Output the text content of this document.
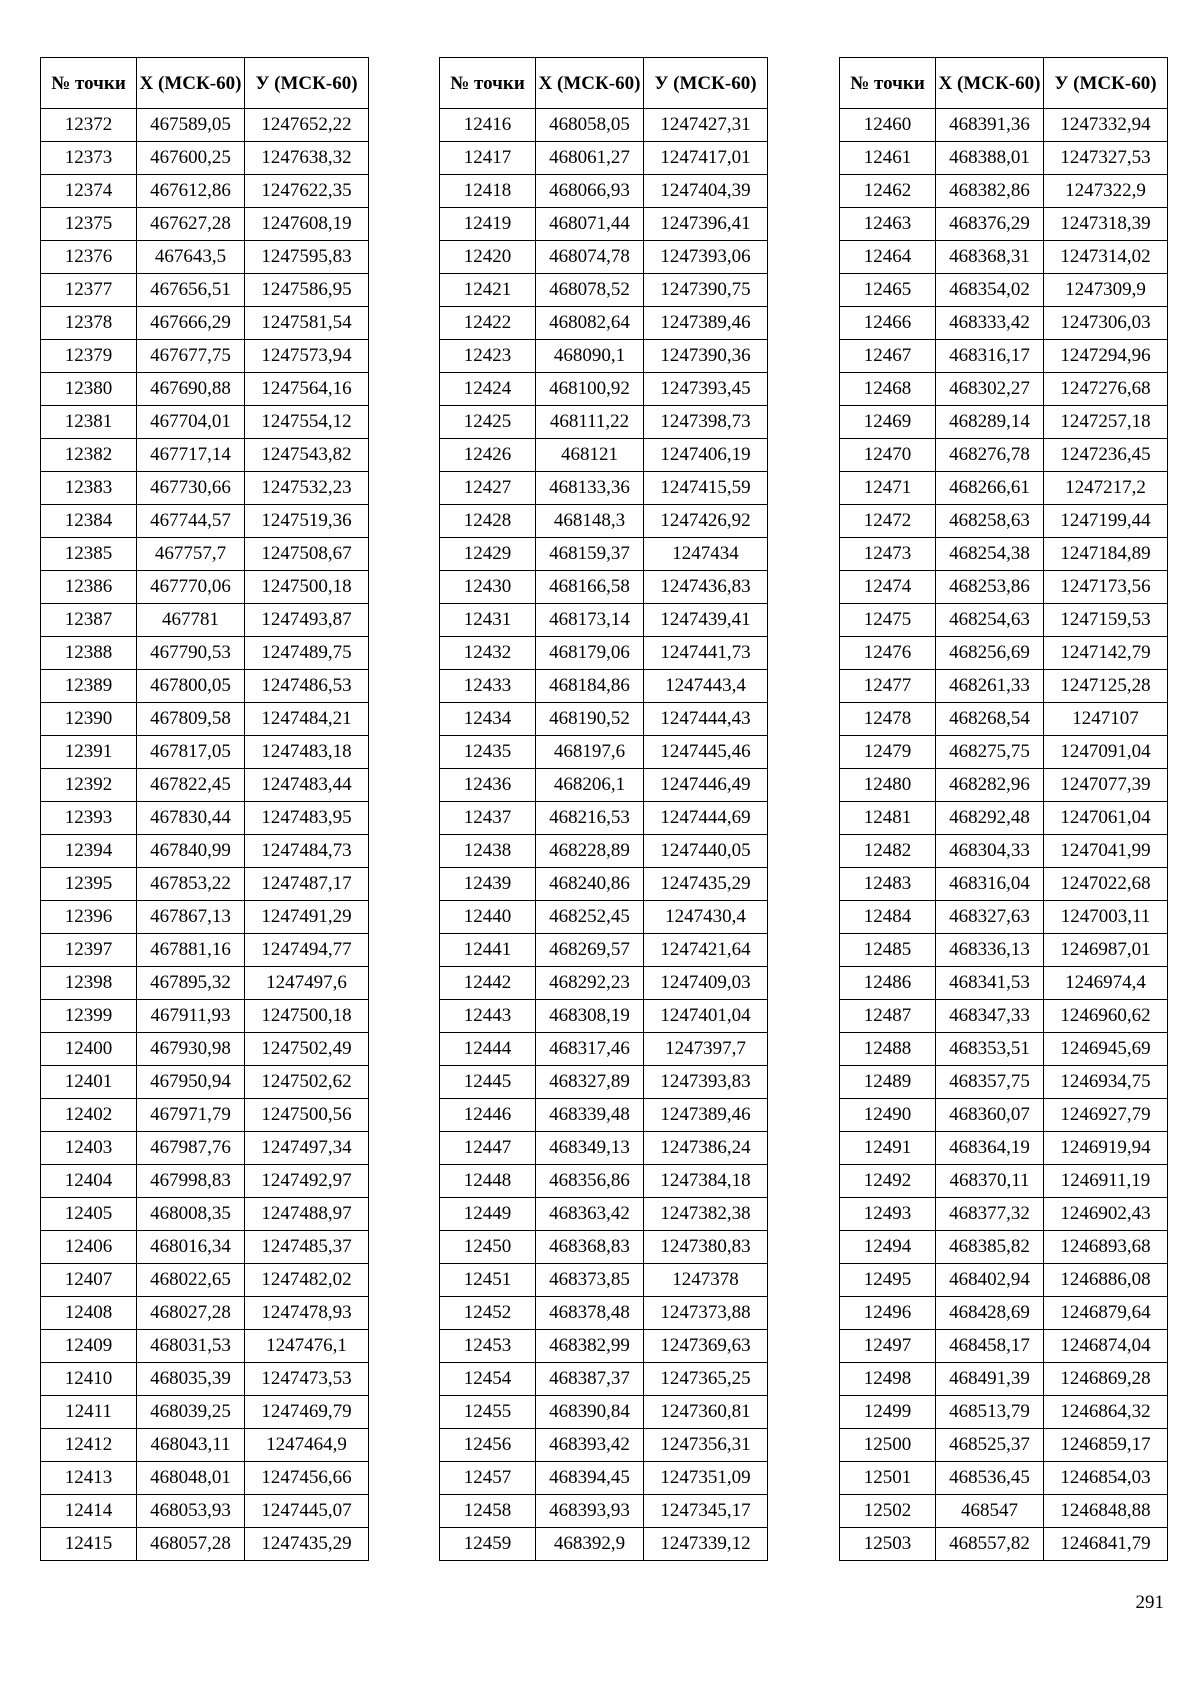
№ точки	Х (МСК-60)	У (МСК-60)
12372	467589,05	1247652,22
12373	467600,25	1247638,32
12374	467612,86	1247622,35
12375	467627,28	1247608,19
12376	467643,5	1247595,83
12377	467656,51	1247586,95
12378	467666,29	1247581,54
12379	467677,75	1247573,94
12380	467690,88	1247564,16
12381	467704,01	1247554,12
12382	467717,14	1247543,82
12383	467730,66	1247532,23
12384	467744,57	1247519,36
12385	467757,7	1247508,67
12386	467770,06	1247500,18
12387	467781	1247493,87
12388	467790,53	1247489,75
12389	467800,05	1247486,53
12390	467809,58	1247484,21
12391	467817,05	1247483,18
12392	467822,45	1247483,44
12393	467830,44	1247483,95
12394	467840,99	1247484,73
12395	467853,22	1247487,17
12396	467867,13	1247491,29
12397	467881,16	1247494,77
12398	467895,32	1247497,6
12399	467911,93	1247500,18
12400	467930,98	1247502,49
12401	467950,94	1247502,62
12402	467971,79	1247500,56
12403	467987,76	1247497,34
12404	467998,83	1247492,97
12405	468008,35	1247488,97
12406	468016,34	1247485,37
12407	468022,65	1247482,02
12408	468027,28	1247478,93
12409	468031,53	1247476,1
12410	468035,39	1247473,53
12411	468039,25	1247469,79
12412	468043,11	1247464,9
12413	468048,01	1247456,66
12414	468053,93	1247445,07
12415	468057,28	1247435,29
№ точки	Х (МСК-60)	У (МСК-60)
12416	468058,05	1247427,31
12417	468061,27	1247417,01
12418	468066,93	1247404,39
12419	468071,44	1247396,41
12420	468074,78	1247393,06
12421	468078,52	1247390,75
12422	468082,64	1247389,46
12423	468090,1	1247390,36
12424	468100,92	1247393,45
12425	468111,22	1247398,73
12426	468121	1247406,19
12427	468133,36	1247415,59
12428	468148,3	1247426,92
12429	468159,37	1247434
12430	468166,58	1247436,83
12431	468173,14	1247439,41
12432	468179,06	1247441,73
12433	468184,86	1247443,4
12434	468190,52	1247444,43
12435	468197,6	1247445,46
12436	468206,1	1247446,49
12437	468216,53	1247444,69
12438	468228,89	1247440,05
12439	468240,86	1247435,29
12440	468252,45	1247430,4
12441	468269,57	1247421,64
12442	468292,23	1247409,03
12443	468308,19	1247401,04
12444	468317,46	1247397,7
12445	468327,89	1247393,83
12446	468339,48	1247389,46
12447	468349,13	1247386,24
12448	468356,86	1247384,18
12449	468363,42	1247382,38
12450	468368,83	1247380,83
12451	468373,85	1247378
12452	468378,48	1247373,88
12453	468382,99	1247369,63
12454	468387,37	1247365,25
12455	468390,84	1247360,81
12456	468393,42	1247356,31
12457	468394,45	1247351,09
12458	468393,93	1247345,17
12459	468392,9	1247339,12
№ точки	Х (МСК-60)	У (МСК-60)
12460	468391,36	1247332,94
12461	468388,01	1247327,53
12462	468382,86	1247322,9
12463	468376,29	1247318,39
12464	468368,31	1247314,02
12465	468354,02	1247309,9
12466	468333,42	1247306,03
12467	468316,17	1247294,96
12468	468302,27	1247276,68
12469	468289,14	1247257,18
12470	468276,78	1247236,45
12471	468266,61	1247217,2
12472	468258,63	1247199,44
12473	468254,38	1247184,89
12474	468253,86	1247173,56
12475	468254,63	1247159,53
12476	468256,69	1247142,79
12477	468261,33	1247125,28
12478	468268,54	1247107
12479	468275,75	1247091,04
12480	468282,96	1247077,39
12481	468292,48	1247061,04
12482	468304,33	1247041,99
12483	468316,04	1247022,68
12484	468327,63	1247003,11
12485	468336,13	1246987,01
12486	468341,53	1246974,4
12487	468347,33	1246960,62
12488	468353,51	1246945,69
12489	468357,75	1246934,75
12490	468360,07	1246927,79
12491	468364,19	1246919,94
12492	468370,11	1246911,19
12493	468377,32	1246902,43
12494	468385,82	1246893,68
12495	468402,94	1246886,08
12496	468428,69	1246879,64
12497	468458,17	1246874,04
12498	468491,39	1246869,28
12499	468513,79	1246864,32
12500	468525,37	1246859,17
12501	468536,45	1246854,03
12502	468547	1246848,88
12503	468557,82	1246841,79
291
